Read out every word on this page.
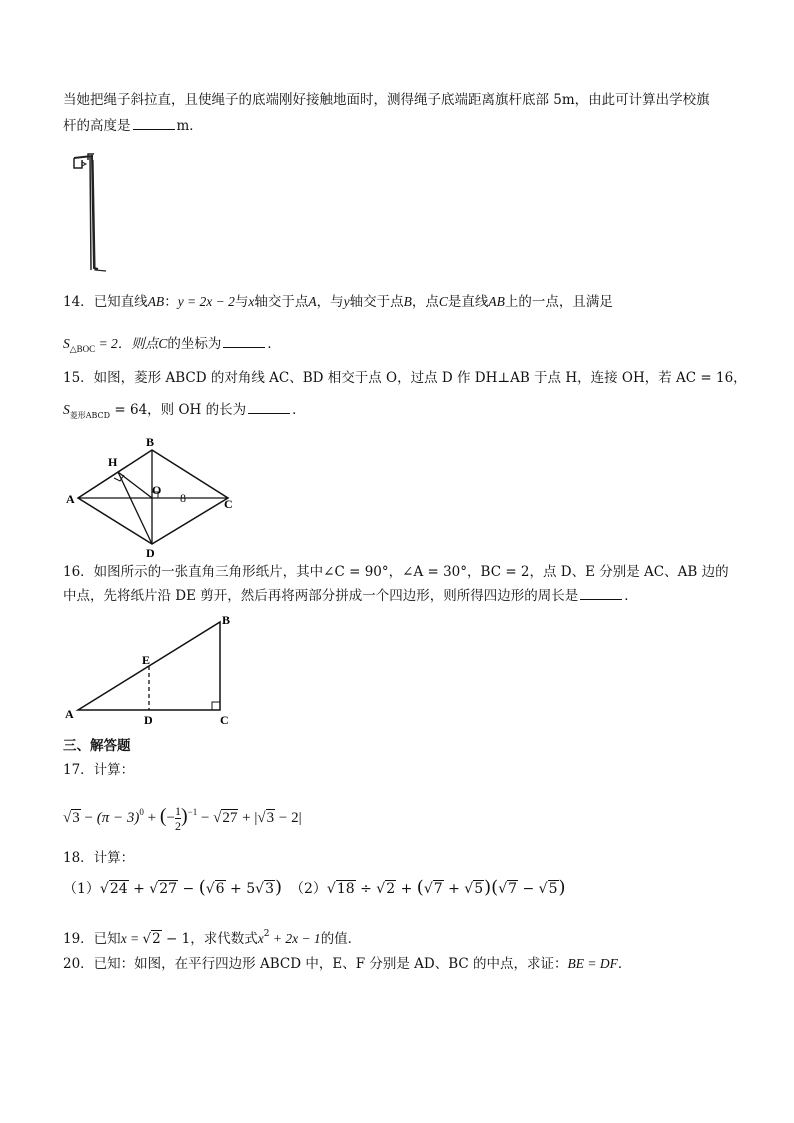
当她把绳子斜拉直，且使绳子的底端刚好接触地面时，测得绳子底端距离旗杆底部 5m，由此可计算出学校旗
杆的高度是	m．
14．已知直线AB：y = 2x − 2与x轴交于点A，与y轴交于点B，点C是直线AB上的一点，且满足
$S_{\triangle BOC} = 2$．则点C的坐标为	．
15．如图，菱形 ABCD 的对角线 AC、BD 相交于点 O，过点 D 作 DH⊥AB 于点 H，连接 OH，若 AC = 16，
$S_{菱形ABCD} = 64$，则 OH 的长为	．
8
A
B
C
D
H
O
16．如图所示的一张直角三角形纸片，其中∠C = 90°，∠A = 30°，BC = 2，点 D、E 分别是 AC、AB 边的
中点，先将纸片沿 DE 剪开，然后再将两部分拼成一个四边形，则所得四边形的周长是	．
A
B
C
D
E
三、解答题
17．计算：
$√3 - (\pi - 3)^0$ + (− $\frac{1}{2} )^{-1} - √27 + |√3 - 2|$
18．计算：
（1）√24 + √27 − (√6 + 5√3) （2）√18 ÷ √2 + (√7 + √5)(√7 − √5)
19．已知x = √2 − 1，求代数式$x^2 + 2x - 1$的值．
20．已知：如图，在平行四边形 ABCD 中，E、F 分别是 AD、BC 的中点，求证：BE = DF．
